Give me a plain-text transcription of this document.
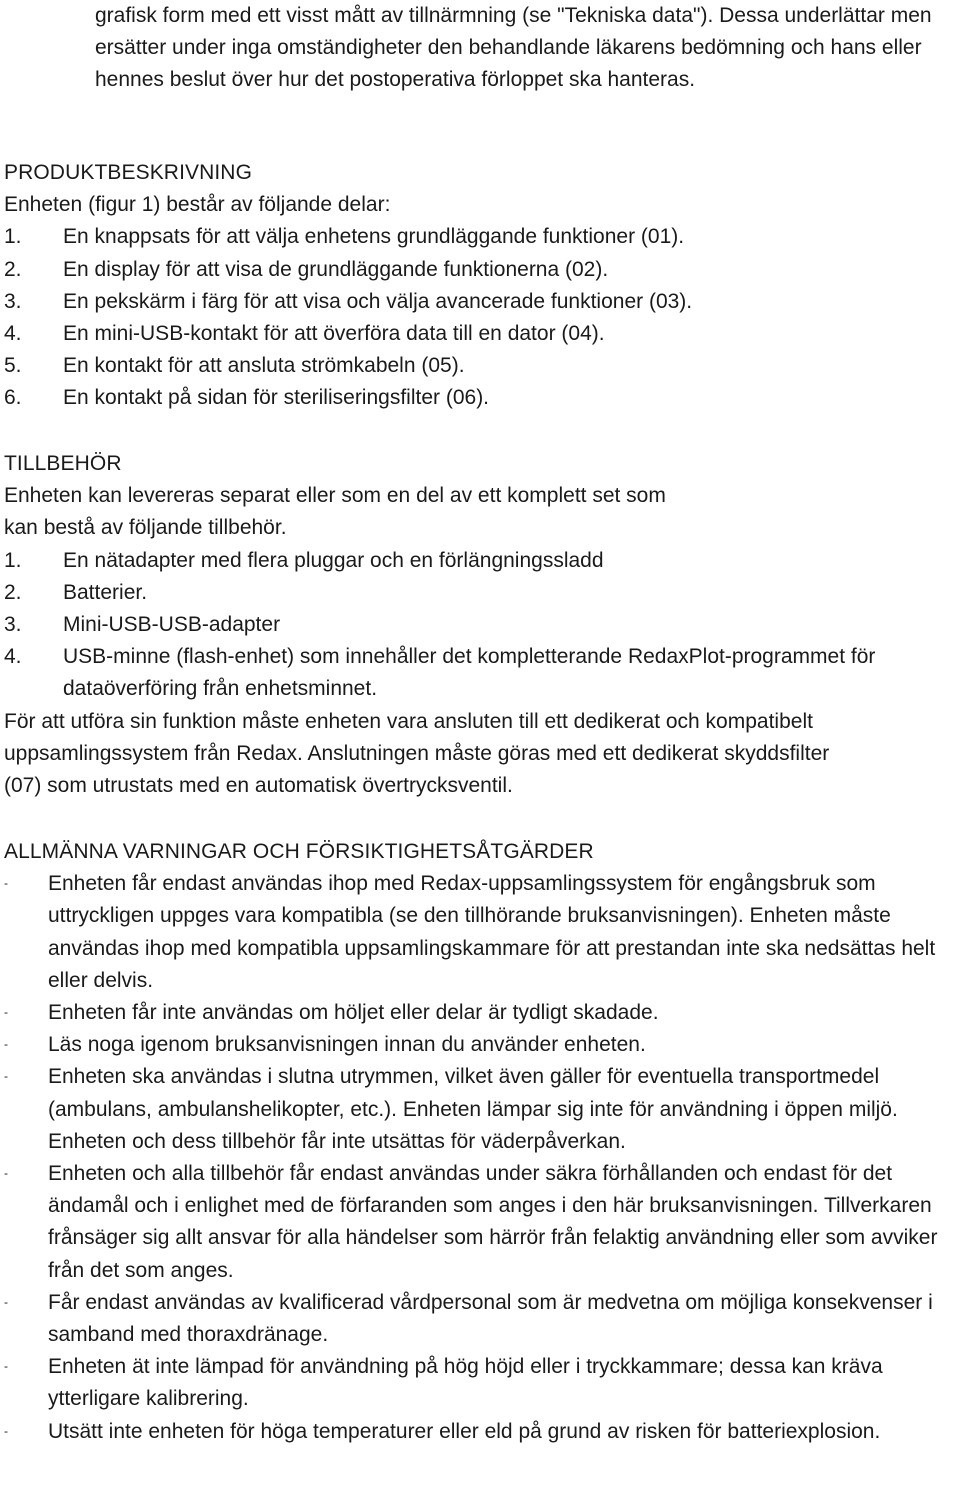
grafisk form med ett visst mått av tillnärmning (se "Tekniska data"). Dessa underlättar men ersätter under inga omständigheter den behandlande läkarens bedömning och hans eller hennes beslut över hur det postoperativa förloppet ska hanteras.

PRODUKTBESKRIVNING

Enheten (figur 1) består av följande delar:

1. En knappsats för att välja enhetens grundläggande funktioner (01).
2. En display för att visa de grundläggande funktionerna (02).
3. En pekskärm i färg för att visa och välja avancerade funktioner (03).
4. En mini-USB-kontakt för att överföra data till en dator (04).
5. En kontakt för att ansluta strömkabeln (05).
6. En kontakt på sidan för steriliseringsfilter (06).
TILLBEHÖR

Enheten kan levereras separat eller som en del av ett komplett set som

kan bestå av följande tillbehör.

1. En nätadapter med flera pluggar och en förlängningssladd
2. Batterier.
3. Mini-USB-USB-adapter
4. USB-minne (flash-enhet) som innehåller det kompletterande RedaxPlot-programmet för dataöverföring från enhetsminnet.

För att utföra sin funktion måste enheten vara ansluten till ett dedikerat och kompatibelt

uppsamlingssystem från Redax. Anslutningen måste göras med ett dedikerat skyddsfilter

(07) som utrustats med en automatisk övertrycksventil.

ALLMÄNNA VARNINGAR OCH FÖRSIKTIGHETSÅTGÄRDER
- Enheten får endast användas ihop med Redax-uppsamlingssystem för engångsbruk som uttryckligen uppges vara kompatibla (se den tillhörande bruksanvisningen). Enheten måste användas ihop med kompatibla uppsamlingskammare för att prestandan inte ska nedsättas helt eller delvis.
- Enheten får inte användas om höljet eller delar är tydligt skadade.
- Läs noga igenom bruksanvisningen innan du använder enheten.
- Enheten ska användas i slutna utrymmen, vilket även gäller för eventuella transportmedel (ambulans, ambulanshelikopter, etc.). Enheten lämpar sig inte för användning i öppen miljö. Enheten och dess tillbehör får inte utsättas för väderpåverkan.
- Enheten och alla tillbehör får endast användas under säkra förhållanden och endast för det ändamål och i enlighet med de förfaranden som anges i den här bruksanvisningen. Tillverkaren frånsäger sig allt ansvar för alla händelser som härrör från felaktig användning eller som avviker från det som anges.
- Får endast användas av kvalificerad vårdpersonal som är medvetna om möjliga konsekvenser i samband med thoraxdränage.
- Enheten ät inte lämpad för användning på hög höjd eller i tryckkammare; dessa kan kräva ytterligare kalibrering.
- Utsätt inte enheten för höga temperaturer eller eld på grund av risken för batteriexplosion.
